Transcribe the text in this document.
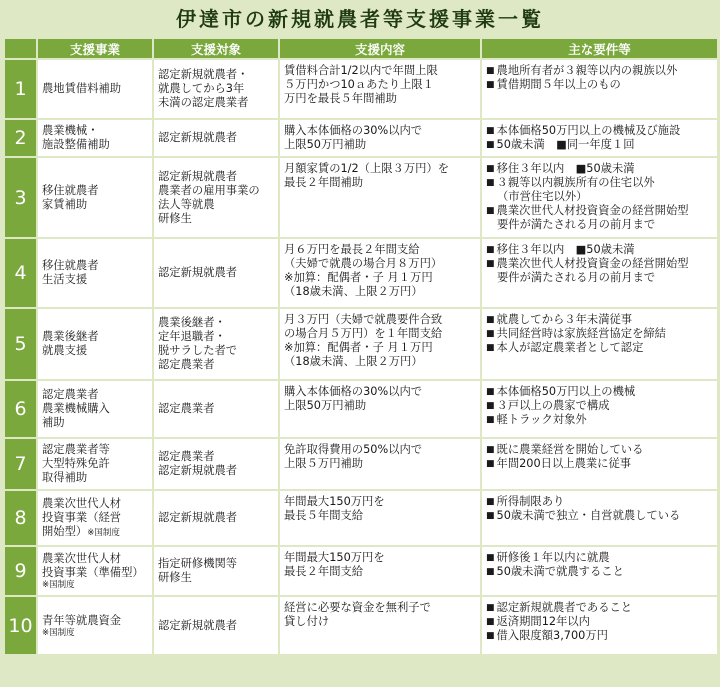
伊達市の新規就農者等支援事業一覧
	支援事業	支援対象	支援内容	主な要件等
1	農地賃借料補助	認定新規就農者・
就農してから3年
未満の認定農業者	賃借料合計1/2以内で年間上限
５万円かつ10ａあたり上限１
万円を最長５年間補助	■ 農地所有者が３親等以内の親族以外
■ 賃借期間５年以上のもの

2	農業機械・
施設整備補助	認定新規就農者	購入本体価格の30%以内で
上限50万円補助	■ 本体価格50万円以上の機械及び施設
■ 50歳未満　■同一年度１回

3	移住就農者
家賃補助	認定新規就農者
農業者の雇用事業の
法人等就農
研修生	月額家賃の1/2（上限３万円）を
最長２年間補助	■ 移住３年以内　■50歳未満
■ ３親等以内親族所有の住宅以外
（市営住宅以外）
■ 農業次世代人材投資資金の経営開始型
要件が満たされる月の前月まで

4	移住就農者
生活支援	認定新規就農者	月６万円を最長２年間支給
（夫婦で就農の場合月８万円）
※加算：配偶者・子 月１万円
（18歳未満、上限２万円）	■ 移住３年以内　■50歳未満
■ 農業次世代人材投資資金の経営開始型
要件が満たされる月の前月まで

5	農業後継者
就農支援	農業後継者・
定年退職者・
脱サラした者で
認定農業者	月３万円（夫婦で就農要件合致
の場合月５万円）を１年間支給
※加算：配偶者・子 月１万円
（18歳未満、上限２万円）	■ 就農してから３年未満従事
■ 共同経営時は家族経営協定を締結
■ 本人が認定農業者として認定

6	認定農業者
農業機械購入
補助	認定農業者	購入本体価格の30%以内で
上限50万円補助	■ 本体価格50万円以上の機械
■ ３戸以上の農家で構成
■ 軽トラック対象外

7	認定農業者等
大型特殊免許
取得補助	認定農業者
認定新規就農者	免許取得費用の50%以内で
上限５万円補助	■ 既に農業経営を開始している
■ 年間200日以上農業に従事

8	農業次世代人材
投資事業（経営
開始型）※国制度	認定新規就農者	年間最大150万円を
最長５年間支給	■ 所得制限あり
■ 50歳未満で独立・自営就農している

9	農業次世代人材
投資事業（準備型）
※国制度	指定研修機関等
研修生	年間最大150万円を
最長２年間支給	■ 研修後１年以内に就農
■ 50歳未満で就農すること

10	青年等就農資金
※国制度	認定新規就農者	経営に必要な資金を無利子で
貸し付け	■ 認定新規就農者であること
■ 返済期間12年以内
■ 借入限度額3,700万円
